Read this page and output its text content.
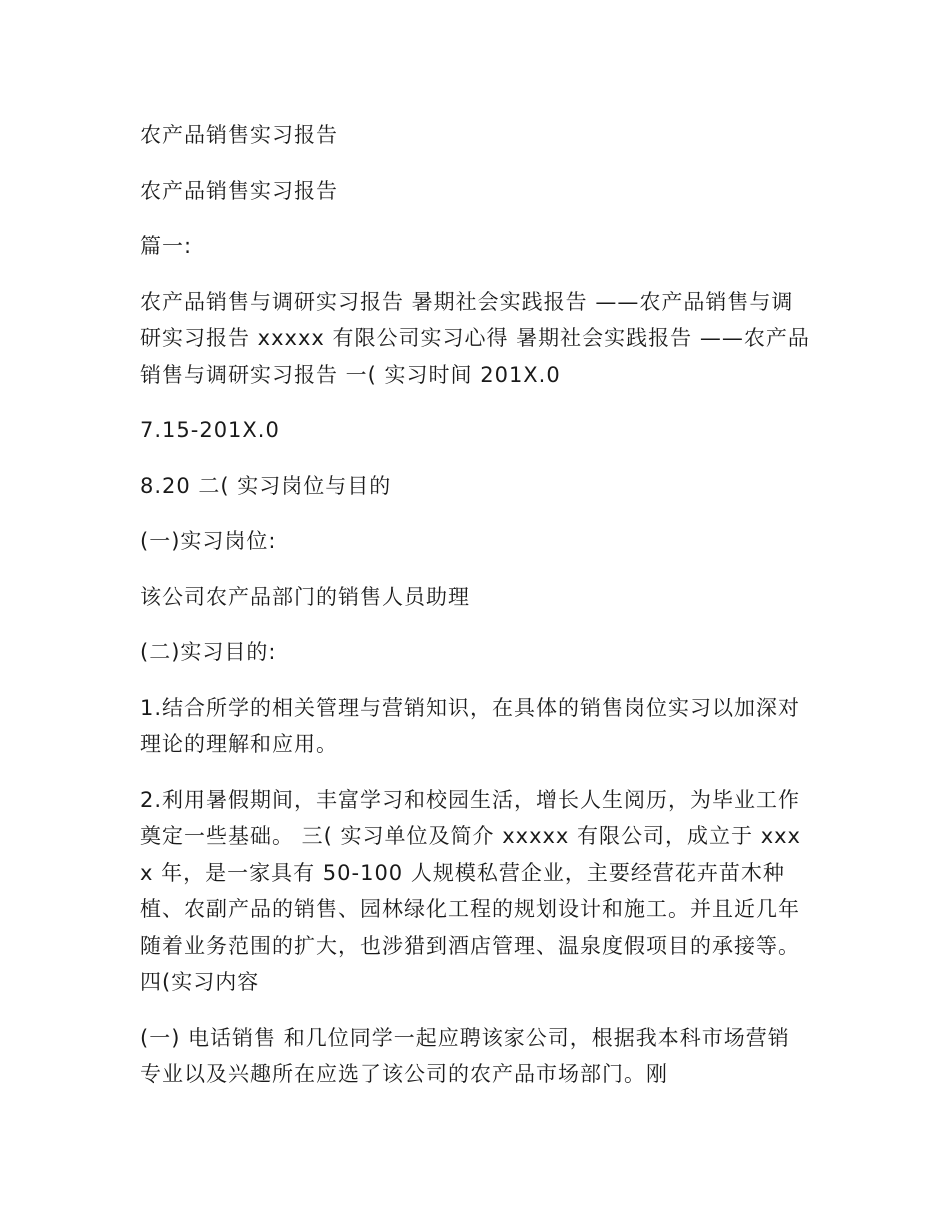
农产品销售实习报告

农产品销售实习报告

篇一:

农产品销售与调研实习报告 暑期社会实践报告 ——农产品销售与调研实习报告 xxxxx 有限公司实习心得 暑期社会实践报告 ——农产品销售与调研实习报告 一( 实习时间 201X.0

7.15-201X.0

8.20 二( 实习岗位与目的

(一)实习岗位:

该公司农产品部门的销售人员助理

(二)实习目的:

1.结合所学的相关管理与营销知识，在具体的销售岗位实习以加深对理论的理解和应用。

2.利用暑假期间，丰富学习和校园生活，增长人生阅历，为毕业工作奠定一些基础。 三( 实习单位及简介 xxxxx 有限公司，成立于 xxxx 年，是一家具有 50-100 人规模私营企业，主要经营花卉苗木种植、农副产品的销售、园林绿化工程的规划设计和施工。并且近几年随着业务范围的扩大，也涉猎到酒店管理、温泉度假项目的承接等。 四(实习内容

(一) 电话销售 和几位同学一起应聘该家公司，根据我本科市场营销专业以及兴趣所在应选了该公司的农产品市场部门。刚
